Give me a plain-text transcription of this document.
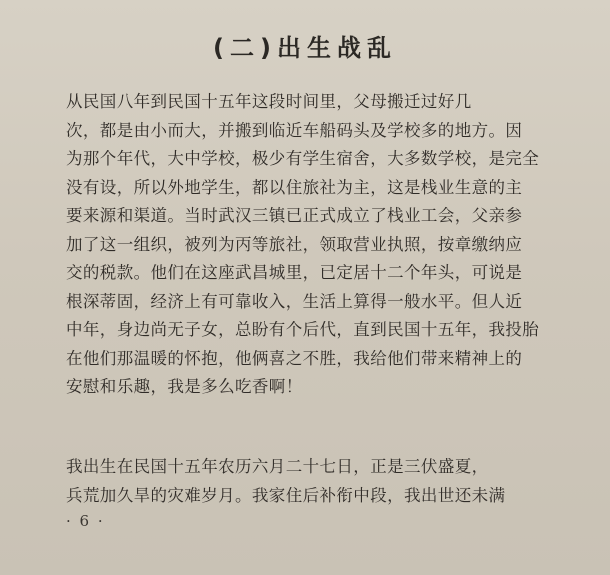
(二)出生战乱
从民国八年到民国十五年这段时间里，父母搬迁过好几
次，都是由小而大，并搬到临近车船码头及学校多的地方。因
为那个年代，大中学校，极少有学生宿舍，大多数学校，是完全
没有设，所以外地学生，都以住旅社为主，这是栈业生意的主
要来源和渠道。当时武汉三镇已正式成立了栈业工会，父亲参
加了这一组织，被列为丙等旅社，领取营业执照，按章缴纳应
交的税款。他们在这座武昌城里，已定居十二个年头，可说是
根深蒂固，经济上有可靠收入，生活上算得一般水平。但人近
中年，身边尚无子女，总盼有个后代，直到民国十五年，我投胎
在他们那温暖的怀抱，他俩喜之不胜，我给他们带来精神上的
安慰和乐趣，我是多么吃香啊！
我出生在民国十五年农历六月二十七日，正是三伏盛夏，
兵荒加久旱的灾难岁月。我家住后补衔中段，我出世还未满
· 6 ·
